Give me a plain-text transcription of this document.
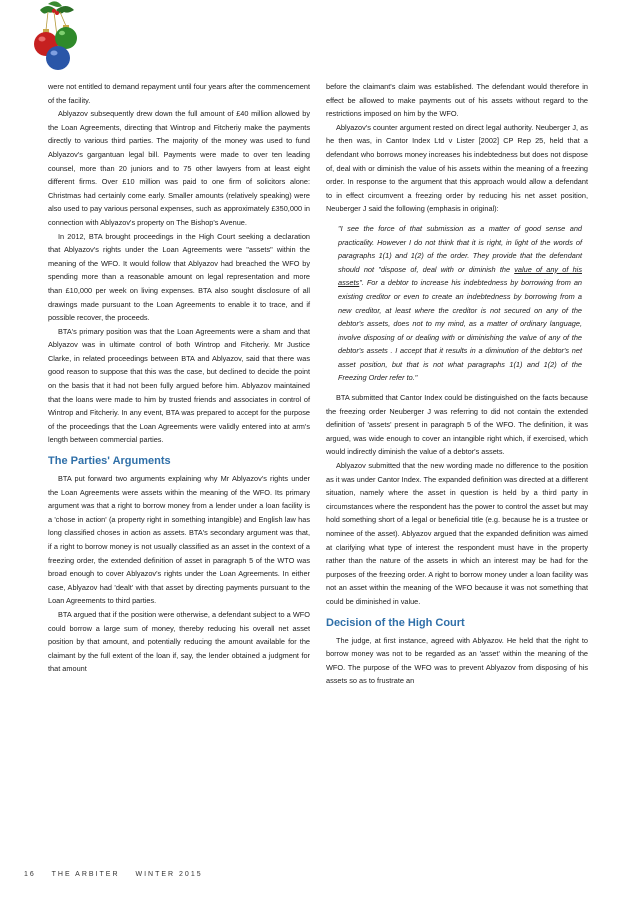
were not entitled to demand repayment until four years after the commencement of the facility.

Ablyazov subsequently drew down the full amount of £40 million allowed by the Loan Agreements, directing that Wintrop and Fitcheriy make the payments directly to various third parties. The majority of the money was used to fund Ablyazov's gargantuan legal bill. Payments were made to over ten leading counsel, more than 20 juniors and to 75 other lawyers from at least eight different firms. Over £10 million was paid to one firm of solicitors alone: Christmas had certainly come early. Smaller amounts (relatively speaking) were also used to pay various personal expenses, such as approximately £350,000 in connection with Ablyazov's property on The Bishop's Avenue.

In 2012, BTA brought proceedings in the High Court seeking a declaration that Ablyazov's rights under the Loan Agreements were "assets" within the meaning of the WFO. It would follow that Ablyazov had breached the WFO by spending more than a reasonable amount on legal representation and more than £10,000 per week on living expenses. BTA also sought disclosure of all drawings made pursuant to the Loan Agreements to enable it to trace, and if possible recover, the proceeds.

BTA's primary position was that the Loan Agreements were a sham and that Ablyazov was in ultimate control of both Wintrop and Fitcheriy. Mr Justice Clarke, in related proceedings between BTA and Ablyazov, said that there was good reason to suppose that this was the case, but declined to decide the point on the basis that it had not been fully argued before him. Ablyazov maintained that the loans were made to him by trusted friends and associates in control of Wintrop and Fitcheriy. In any event, BTA was prepared to accept for the purpose of the proceedings that the Loan Agreements were validly entered into at arm's length between commercial parties.

The Parties' Arguments

BTA put forward two arguments explaining why Mr Ablyazov's rights under the Loan Agreements were assets within the meaning of the WFO. Its primary argument was that a right to borrow money from a lender under a loan facility is a 'chose in action' (a property right in something intangible) and English law has long classified choses in action as assets. BTA's secondary argument was that, if a right to borrow money is not usually classified as an asset in the context of a freezing order, the extended definition of asset in paragraph 5 of the WTO was broad enough to cover Ablyazov's rights under the Loan Agreements. In either case, Ablyazov had 'dealt' with that asset by directing payments pursuant to the Loan Agreements to third parties.

BTA argued that if the position were otherwise, a defendant subject to a WFO could borrow a large sum of money, thereby reducing his overall net asset position by that amount, and potentially reducing the amount available for the claimant by the full extent of the loan if, say, the lender obtained a judgment for that amount

before the claimant's claim was established. The defendant would therefore in effect be allowed to make payments out of his assets without regard to the restrictions imposed on him by the WFO.

Ablyazov's counter argument rested on direct legal authority. Neuberger J, as he then was, in Cantor Index Ltd v Lister [2002] CP Rep 25, held that a defendant who borrows money increases his indebtedness but does not dispose of, deal with or diminish the value of his assets within the meaning of a freezing order. In response to the argument that this approach would allow a defendant to in effect circumvent a freezing order by reducing his net asset position, Neuberger J said the following (emphasis in original):

"I see the force of that submission as a matter of good sense and practicality. However I do not think that it is right, in light of the words of paragraphs 1(1) and 1(2) of the order. They provide that the defendant should not "dispose of, deal with or diminish the value of any of his assets". For a debtor to increase his indebtedness by borrowing from an existing creditor or even to create an indebtedness by borrowing from a new creditor, at least where the creditor is not secured on any of the debtor's assets, does not to my mind, as a matter of ordinary language, involve disposing of or dealing with or diminishing the value of any of the debtor's assets . I accept that it results in a diminution of the debtor's net asset position, but that is not what paragraphs 1(1) and 1(2) of the Freezing Order refer to."

BTA submitted that Cantor Index could be distinguished on the facts because the freezing order Neuberger J was referring to did not contain the extended definition of 'assets' present in paragraph 5 of the WFO. The definition, it was argued, was wide enough to cover an intangible right which, if exercised, which would indirectly diminish the value of a debtor's assets.

Ablyazov submitted that the new wording made no difference to the position as it was under Cantor Index. The expanded definition was directed at a different situation, namely where the asset in question is held by a third party in circumstances where the respondent has the power to control the asset but may hold something short of a legal or beneficial title (e.g. because he is a trustee or nominee of the asset). Ablyazov argued that the expanded definition was aimed at clarifying what type of interest the respondent must have in the property rather than the nature of the assets in which an interest may be had for the purposes of the freezing order. A right to borrow money under a loan facility was not an asset within the meaning of the WFO because it was not something that could be diminished in value.

Decision of the High Court

The judge, at first instance, agreed with Ablyazov. He held that the right to borrow money was not to be regarded as an 'asset' within the meaning of the WFO. The purpose of the WFO was to prevent Ablyazov from disposing of his assets so as to frustrate an

16 THE ARBITER WINTER 2015
